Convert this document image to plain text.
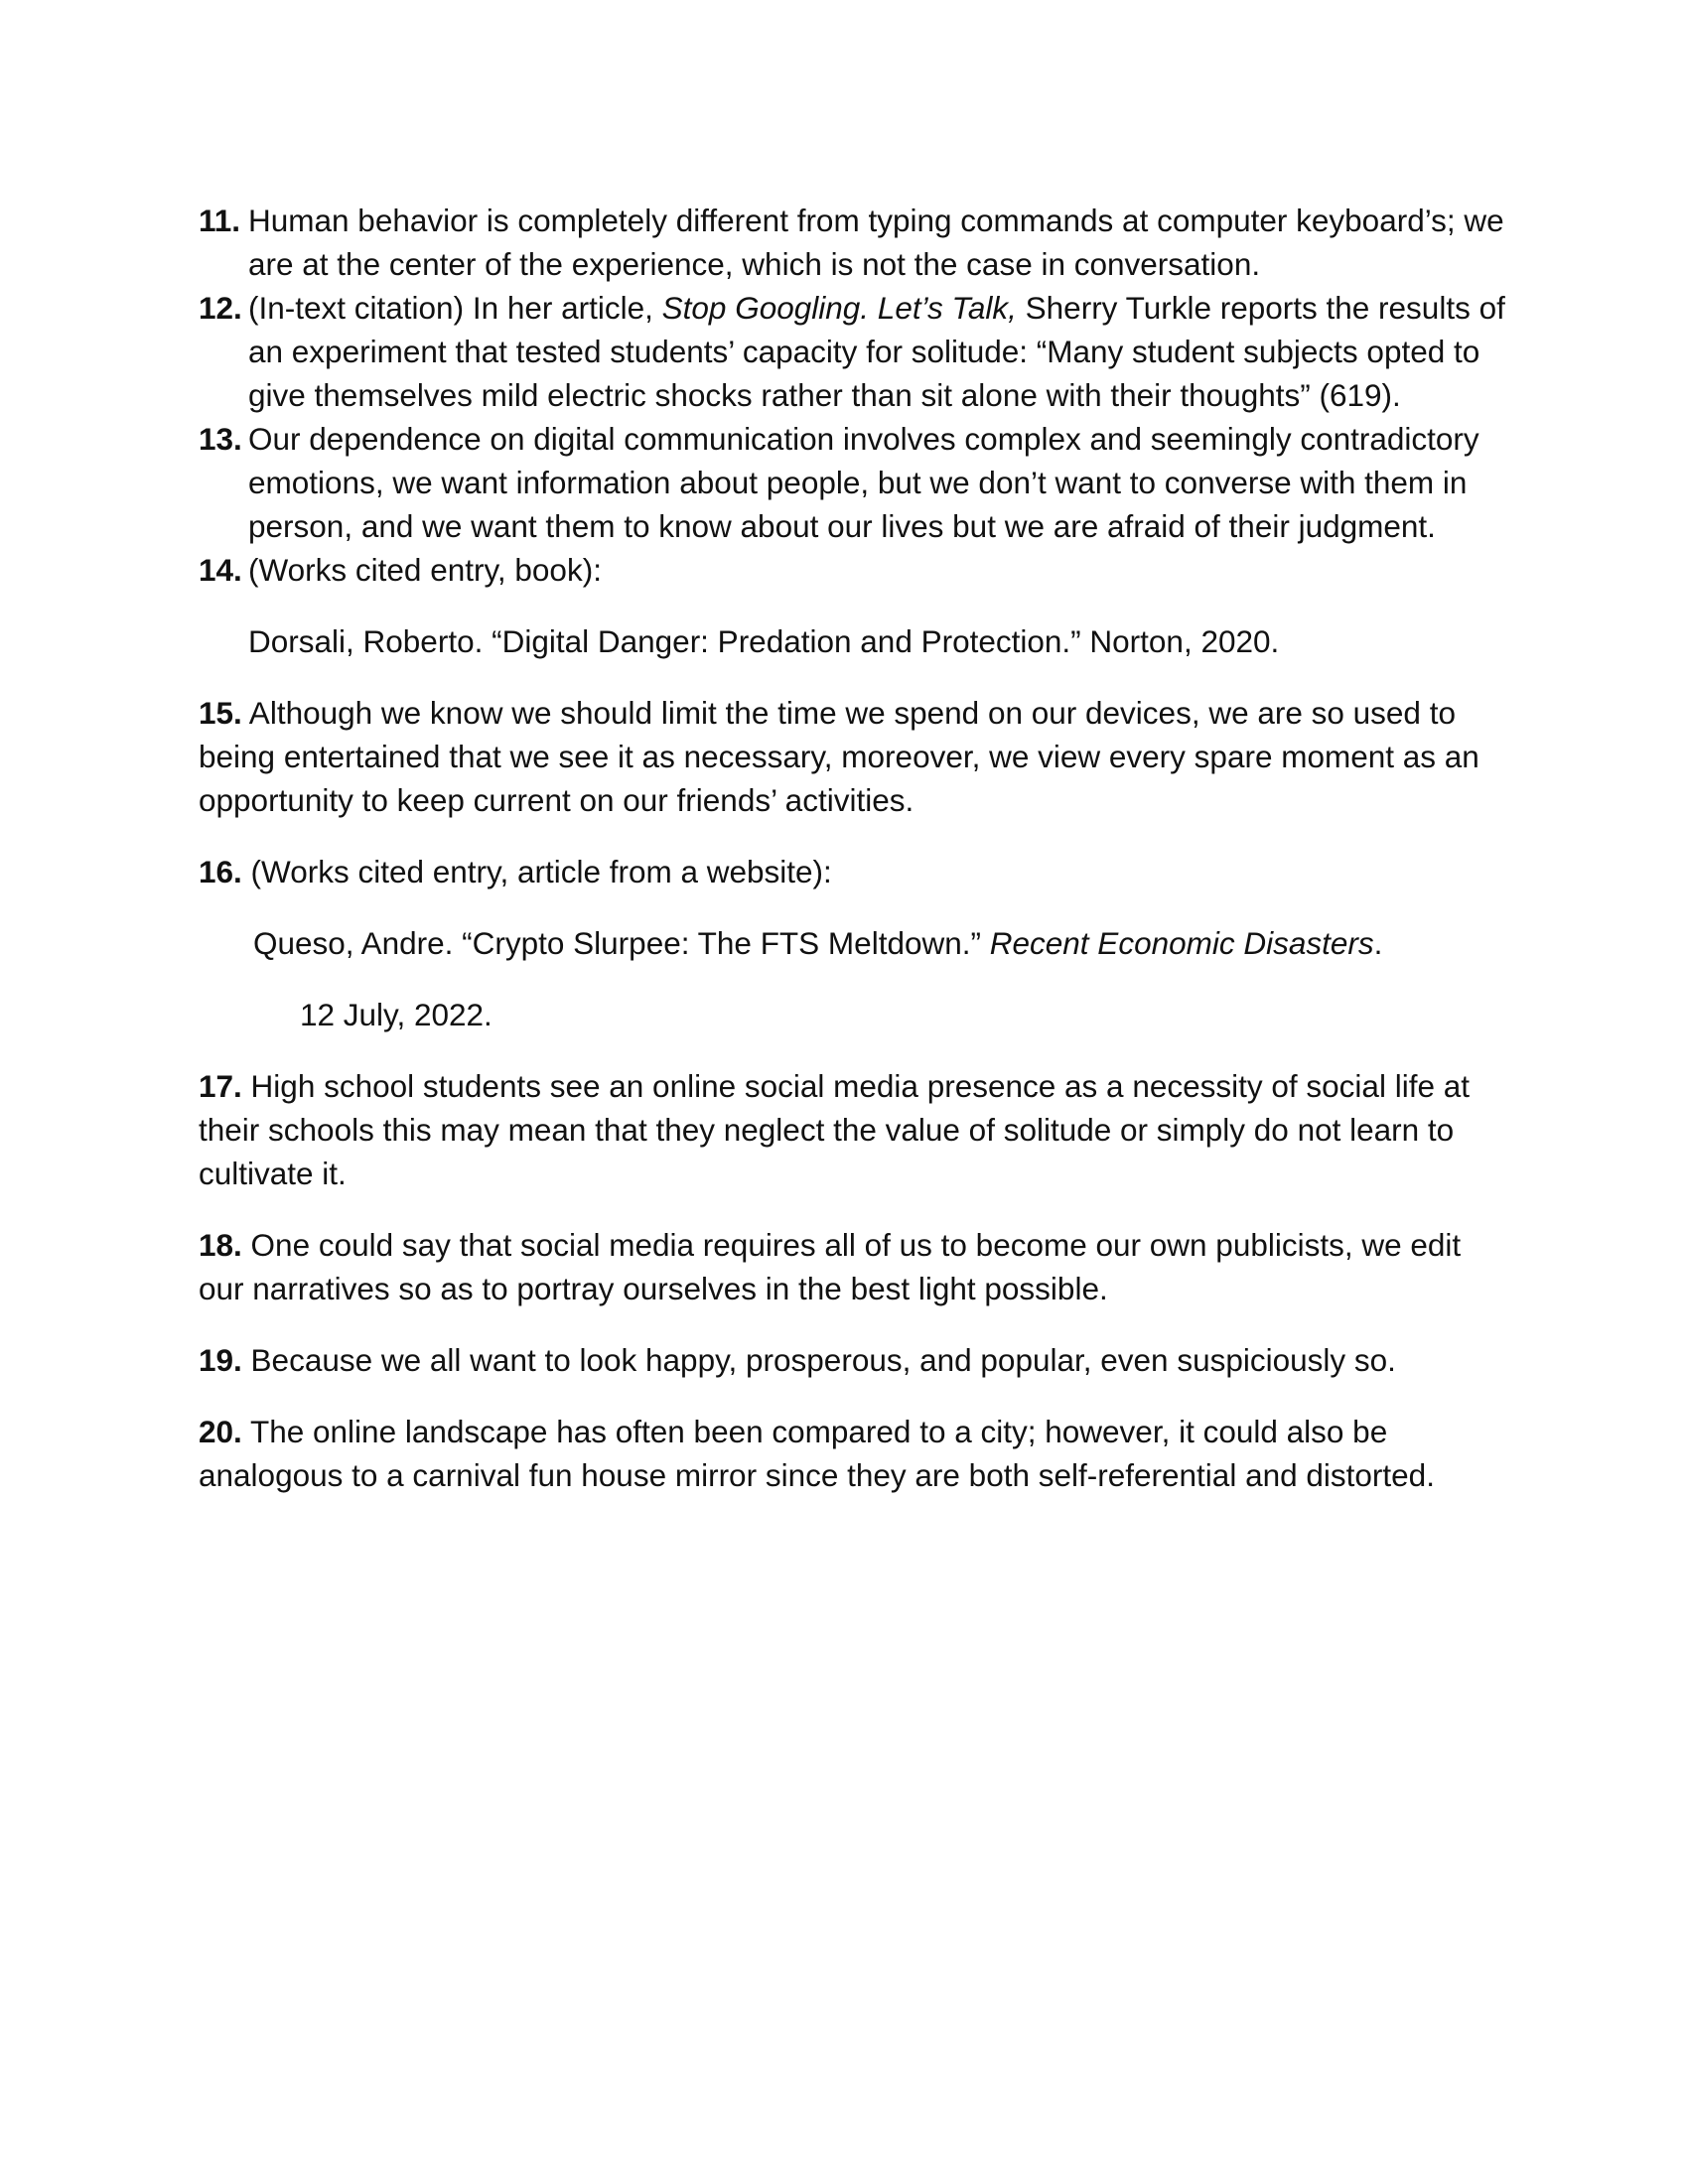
11. Human behavior is completely different from typing commands at computer keyboard’s; we are at the center of the experience, which is not the case in conversation.
12. (In-text citation) In her article, Stop Googling. Let’s Talk, Sherry Turkle reports the results of an experiment that tested students’ capacity for solitude: “Many student subjects opted to give themselves mild electric shocks rather than sit alone with their thoughts” (619).
13. Our dependence on digital communication involves complex and seemingly contradictory emotions, we want information about people, but we don’t want to converse with them in person, and we want them to know about our lives but we are afraid of their judgment.
14. (Works cited entry, book):

Dorsali, Roberto. “Digital Danger: Predation and Protection.” Norton, 2020.

15. Although we know we should limit the time we spend on our devices, we are so used to being entertained that we see it as necessary, moreover, we view every spare moment as an opportunity to keep current on our friends’ activities.

16. (Works cited entry, article from a website):

Queso, Andre. “Crypto Slurpee: The FTS Meltdown.” Recent Economic Disasters.

12 July, 2022.

17. High school students see an online social media presence as a necessity of social life at their schools this may mean that they neglect the value of solitude or simply do not learn to cultivate it.

18. One could say that social media requires all of us to become our own publicists, we edit our narratives so as to portray ourselves in the best light possible.

19. Because we all want to look happy, prosperous, and popular, even suspiciously so.

20. The online landscape has often been compared to a city; however, it could also be analogous to a carnival fun house mirror since they are both self-referential and distorted.
